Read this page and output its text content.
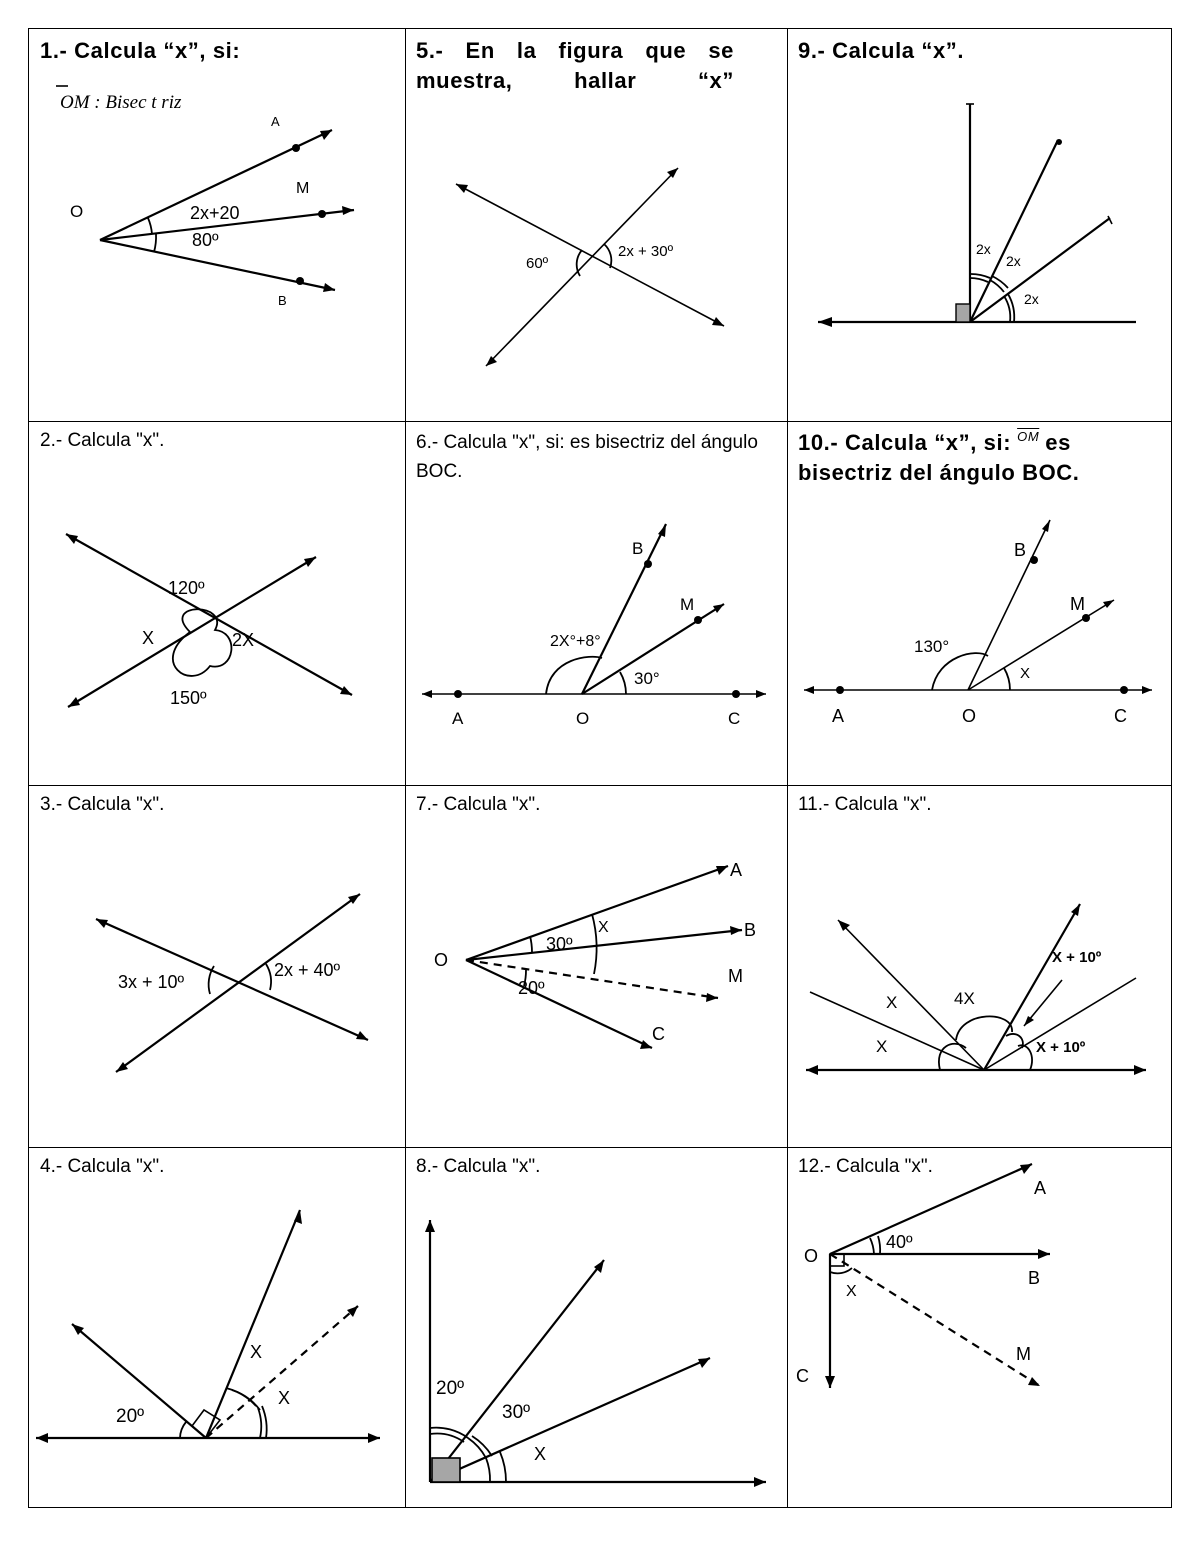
1.- Calcula “x”, si:
OM : Bisec t riz
A
M
B
O	2x+20
80º
2.- Calcula "x".
120º
X	2X
150º
3.- Calcula "x".
3x + 10º
2x + 40º
4.- Calcula "x".
20º
X
X
5.- En la figura que se muestra, hallar “x”
60º
2x + 30º
6.- Calcula "x", si: es bisectriz del ángulo BOC.
B
M
2X°+8°
30°
A	O	C
7.- Calcula "x".
A
B
M
C
O
30º
20º
X
8.- Calcula "x".
20º
30º
X
9.- Calcula “x”.
2x
2x
2x
10.- Calcula “x”, si: $^{\overline{OM}}$ es bisectriz del ángulo BOC.
B
M
130°
X
A	O	C
11.- Calcula "x".
X + 10º
X	4X
X	X + 10º
12.- Calcula "x".
A
O
40º
B
X
M
C
